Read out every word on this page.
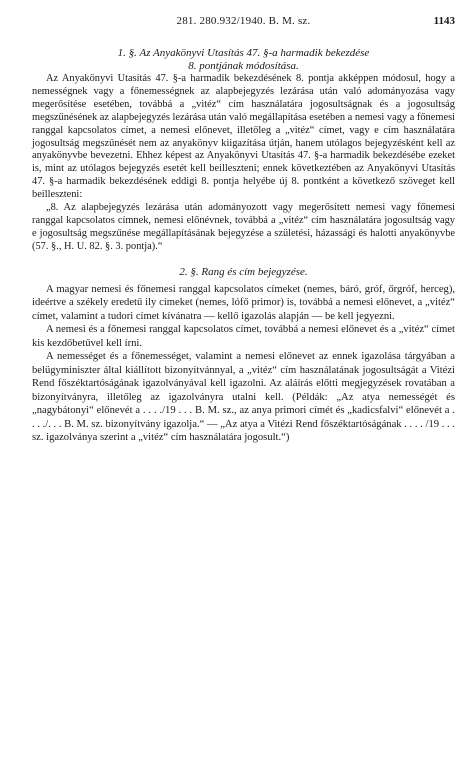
281. 280.932/1940. B. M. sz.	1143
1. §. Az Anyakönyvi Utasítás 47. §-a harmadik bekezdése
8. pontjának módosítása.

Az Anyakönyvi Utasítás 47. §-a harmadik bekezdésének 8. pontja akképpen módosul, hogy a nemességnek vagy a főnemességnek az alapbejegyzés lezárása után való adományozása vagy megerősítése esetében, továbbá a „vitéz“ cím használatára jogosultságnak és a jogosultság megszűnésének az alapbejegyzés lezárása után való megállapítása esetében a nemesi vagy a főnemesi ranggal kapcsolatos címet, a nemesi előnevet, illetőleg a „vitéz“ címet, vagy e cím használatára jogosultság megszűnését nem az anyakönyv kiigazítása útján, hanem utólagos bejegyzésként kell az anyakönyvbe bevezetni. Ehhez képest az Anyakönyvi Utasítás 47. §-a harmadik bekezdésébe ezeket is, mint az utólagos bejegyzés esetét kell beilleszteni; ennek következtében az Anyakönyvi Utasítás 47. §-a harmadik bekezdésének eddigi 8. pontja helyébe új 8. pontként a következő szöveget kell beilleszteni:

„8. Az alapbejegyzés lezárása után adományozott vagy megerősített nemesi vagy főnemesi ranggal kapcsolatos címnek, nemesi előnévnek, továbbá a „vitéz“ cím használatára jogosultság vagy e jogosultság megszűnése megállapításának bejegyzése a születési, házassági és halotti anyakönyvbe (57. §., H. U. 82. §. 3. pontja).“

2. §. Rang és cím bejegyzése.

A magyar nemesi és főnemesi ranggal kapcsolatos címeket (nemes, báró, gróf, őrgróf, herceg), ideértve a székely eredetű ily címeket (nemes, lófő primor) is, továbbá a nemesi előnevet, a „vitéz“ címet, valamint a tudori címet kívánatra — kellő igazolás alapján — be kell jegyezni.

A nemesi és a főnemesi ranggal kapcsolatos címet, továbbá a nemesi előnevet és a „vitéz“ címet kis kezdőbetűvel kell írni.

A nemességet és a főnemességet, valamint a nemesi előnevet az ennek igazolása tárgyában a belügyminiszter által kiállított bizonyítvánnyal, a „vitéz“ cím használatának jogosultságát a Vitézi Rend főszéktartóságának igazolványával kell igazolni. Az aláírás előtti megjegyzések rovatában a bizonyítványra, illetőleg az igazolványra utalni kell. (Példák: „Az atya nemességét és „nagybátonyi“ előnevét a . . . ./19 . . . B. M. sz., az anya primori címét és „kadicsfalvi“ előnevét a . . . ./. . . B. M. sz. bizonyítvány igazolja.“ — „Az atya a Vitézi Rend főszéktartóságának . . . . /19 . . . sz. igazolványa szerint a „vitéz“ cím használatára jogosult.“)
